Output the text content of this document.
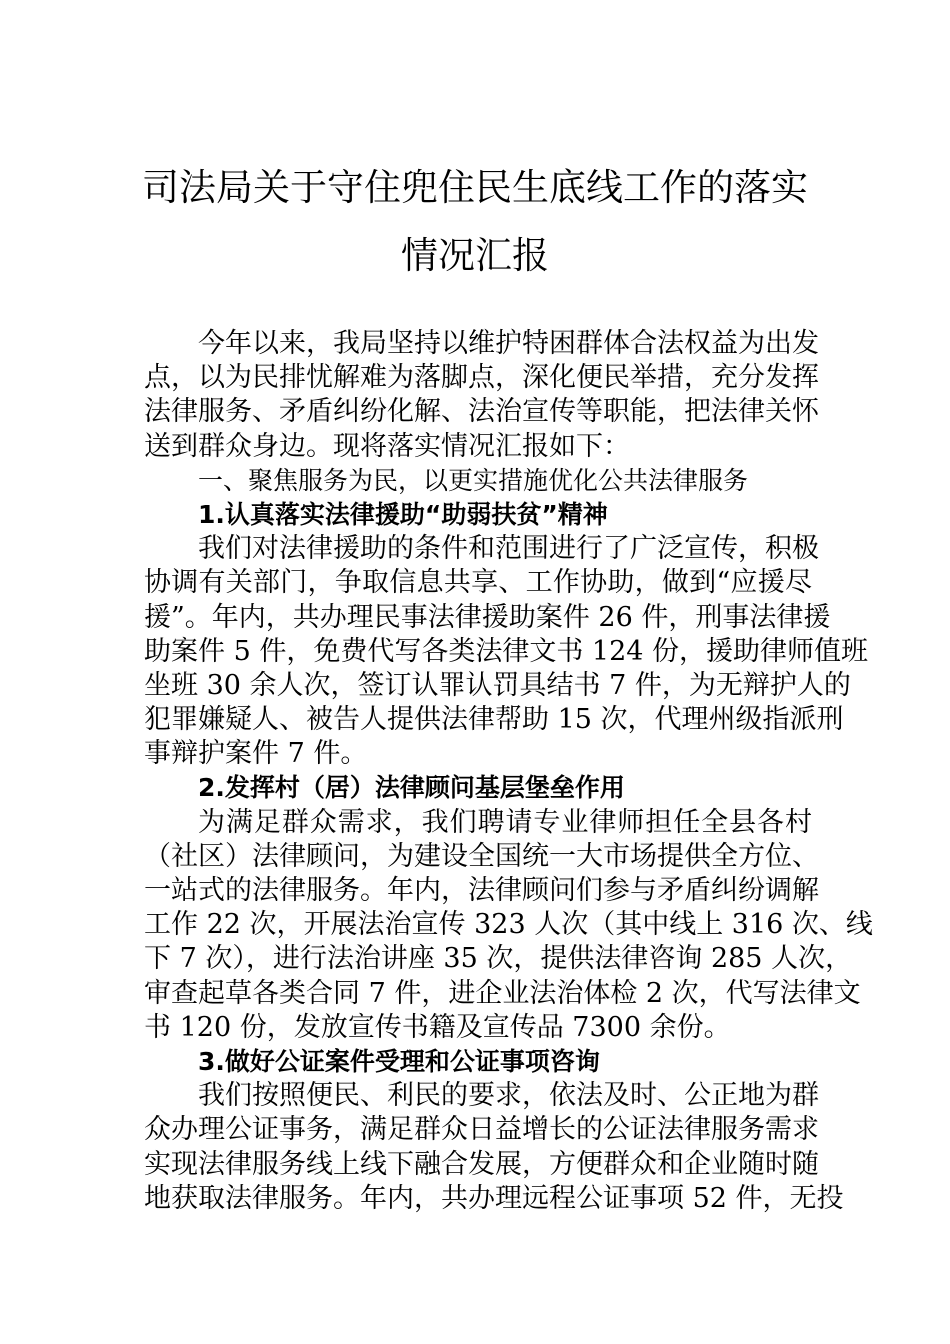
司法局关于守住兜住民生底线工作的落实
情况汇报
今年以来，我局坚持以维护特困群体合法权益为出发
点，以为民排忧解难为落脚点，深化便民举措，充分发挥
法律服务、矛盾纠纷化解、法治宣传等职能，把法律关怀
送到群众身边。现将落实情况汇报如下：
一、聚焦服务为民，以更实措施优化公共法律服务
1.认真落实法律援助“助弱扶贫”精神
我们对法律援助的条件和范围进行了广泛宣传，积极
协调有关部门，争取信息共享、工作协助，做到“应援尽
援”。年内，共办理民事法律援助案件 26 件，刑事法律援
助案件 5 件，免费代写各类法律文书 124 份，援助律师值班
坐班 30 余人次，签订认罪认罚具结书 7 件，为无辩护人的
犯罪嫌疑人、被告人提供法律帮助 15 次，代理州级指派刑
事辩护案件 7 件。
2.发挥村（居）法律顾问基层堡垒作用
为满足群众需求，我们聘请专业律师担任全县各村
（社区）法律顾问，为建设全国统一大市场提供全方位、
一站式的法律服务。年内，法律顾问们参与矛盾纠纷调解
工作 22 次，开展法治宣传 323 人次（其中线上 316 次、线
下 7 次），进行法治讲座 35 次，提供法律咨询 285 人次，
审查起草各类合同 7 件，进企业法治体检 2 次，代写法律文
书 120 份，发放宣传书籍及宣传品 7300 余份。
3.做好公证案件受理和公证事项咨询
我们按照便民、利民的要求，依法及时、公正地为群
众办理公证事务，满足群众日益增长的公证法律服务需求
实现法律服务线上线下融合发展，方便群众和企业随时随
地获取法律服务。年内，共办理远程公证事项 52 件，无投
